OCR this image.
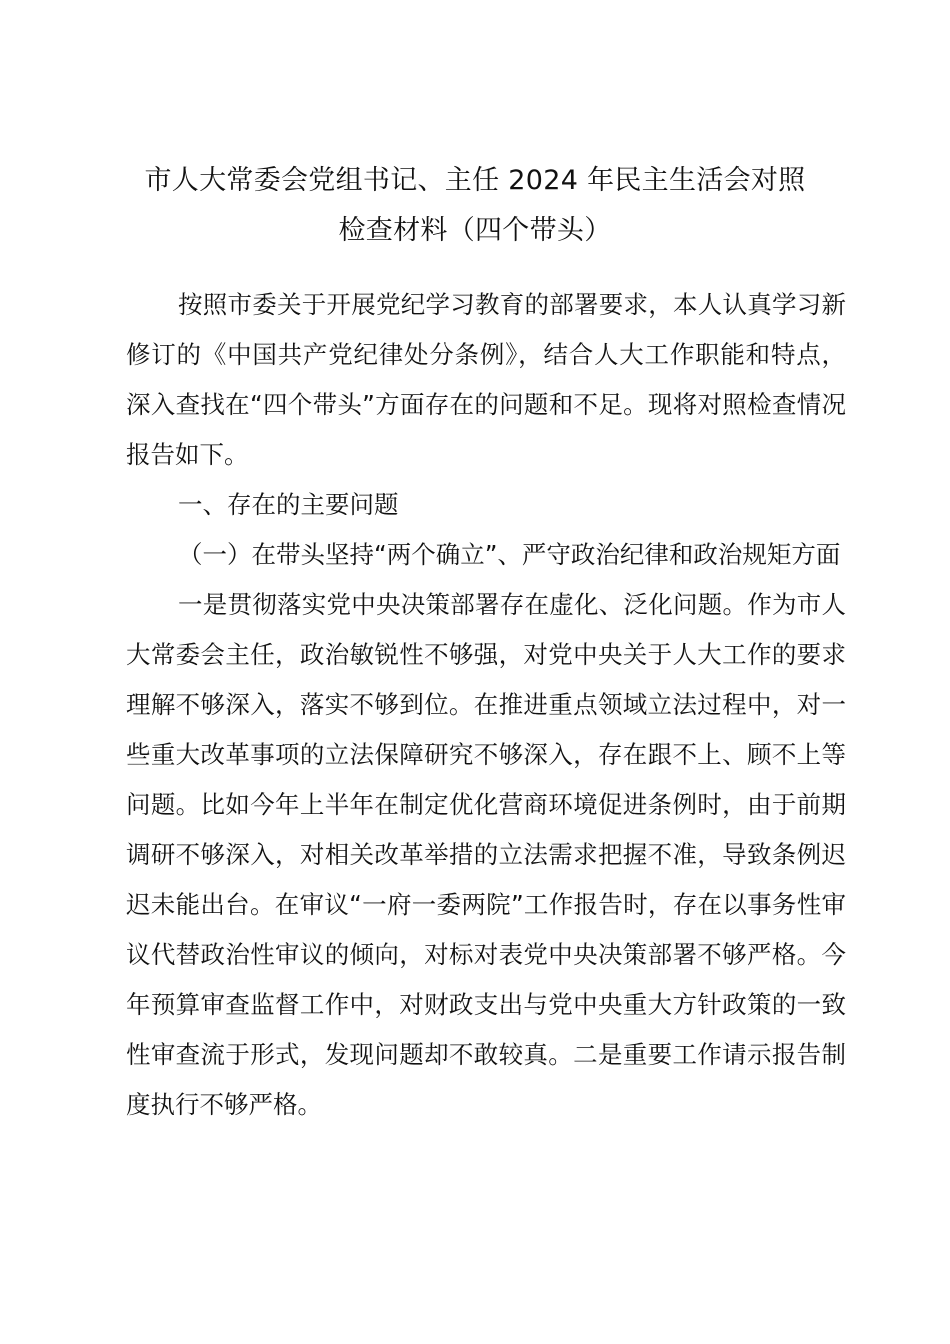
市人大常委会党组书记、主任 2024 年民主生活会对照
检查材料（四个带头）

按照市委关于开展党纪学习教育的部署要求，本人认真学习新修订的《中国共产党纪律处分条例》，结合人大工作职能和特点，深入查找在“四个带头”方面存在的问题和不足。现将对照检查情况报告如下。

一、存在的主要问题

（一）在带头坚持“两个确立”、严守政治纪律和政治规矩方面

一是贯彻落实党中央决策部署存在虚化、泛化问题。作为市人大常委会主任，政治敏锐性不够强，对党中央关于人大工作的要求理解不够深入，落实不够到位。在推进重点领域立法过程中，对一些重大改革事项的立法保障研究不够深入，存在跟不上、顾不上等问题。比如今年上半年在制定优化营商环境促进条例时，由于前期调研不够深入，对相关改革举措的立法需求把握不准，导致条例迟迟未能出台。在审议“一府一委两院”工作报告时，存在以事务性审议代替政治性审议的倾向，对标对表党中央决策部署不够严格。今年预算审查监督工作中，对财政支出与党中央重大方针政策的一致性审查流于形式，发现问题却不敢较真。二是重要工作请示报告制度执行不够严格。
